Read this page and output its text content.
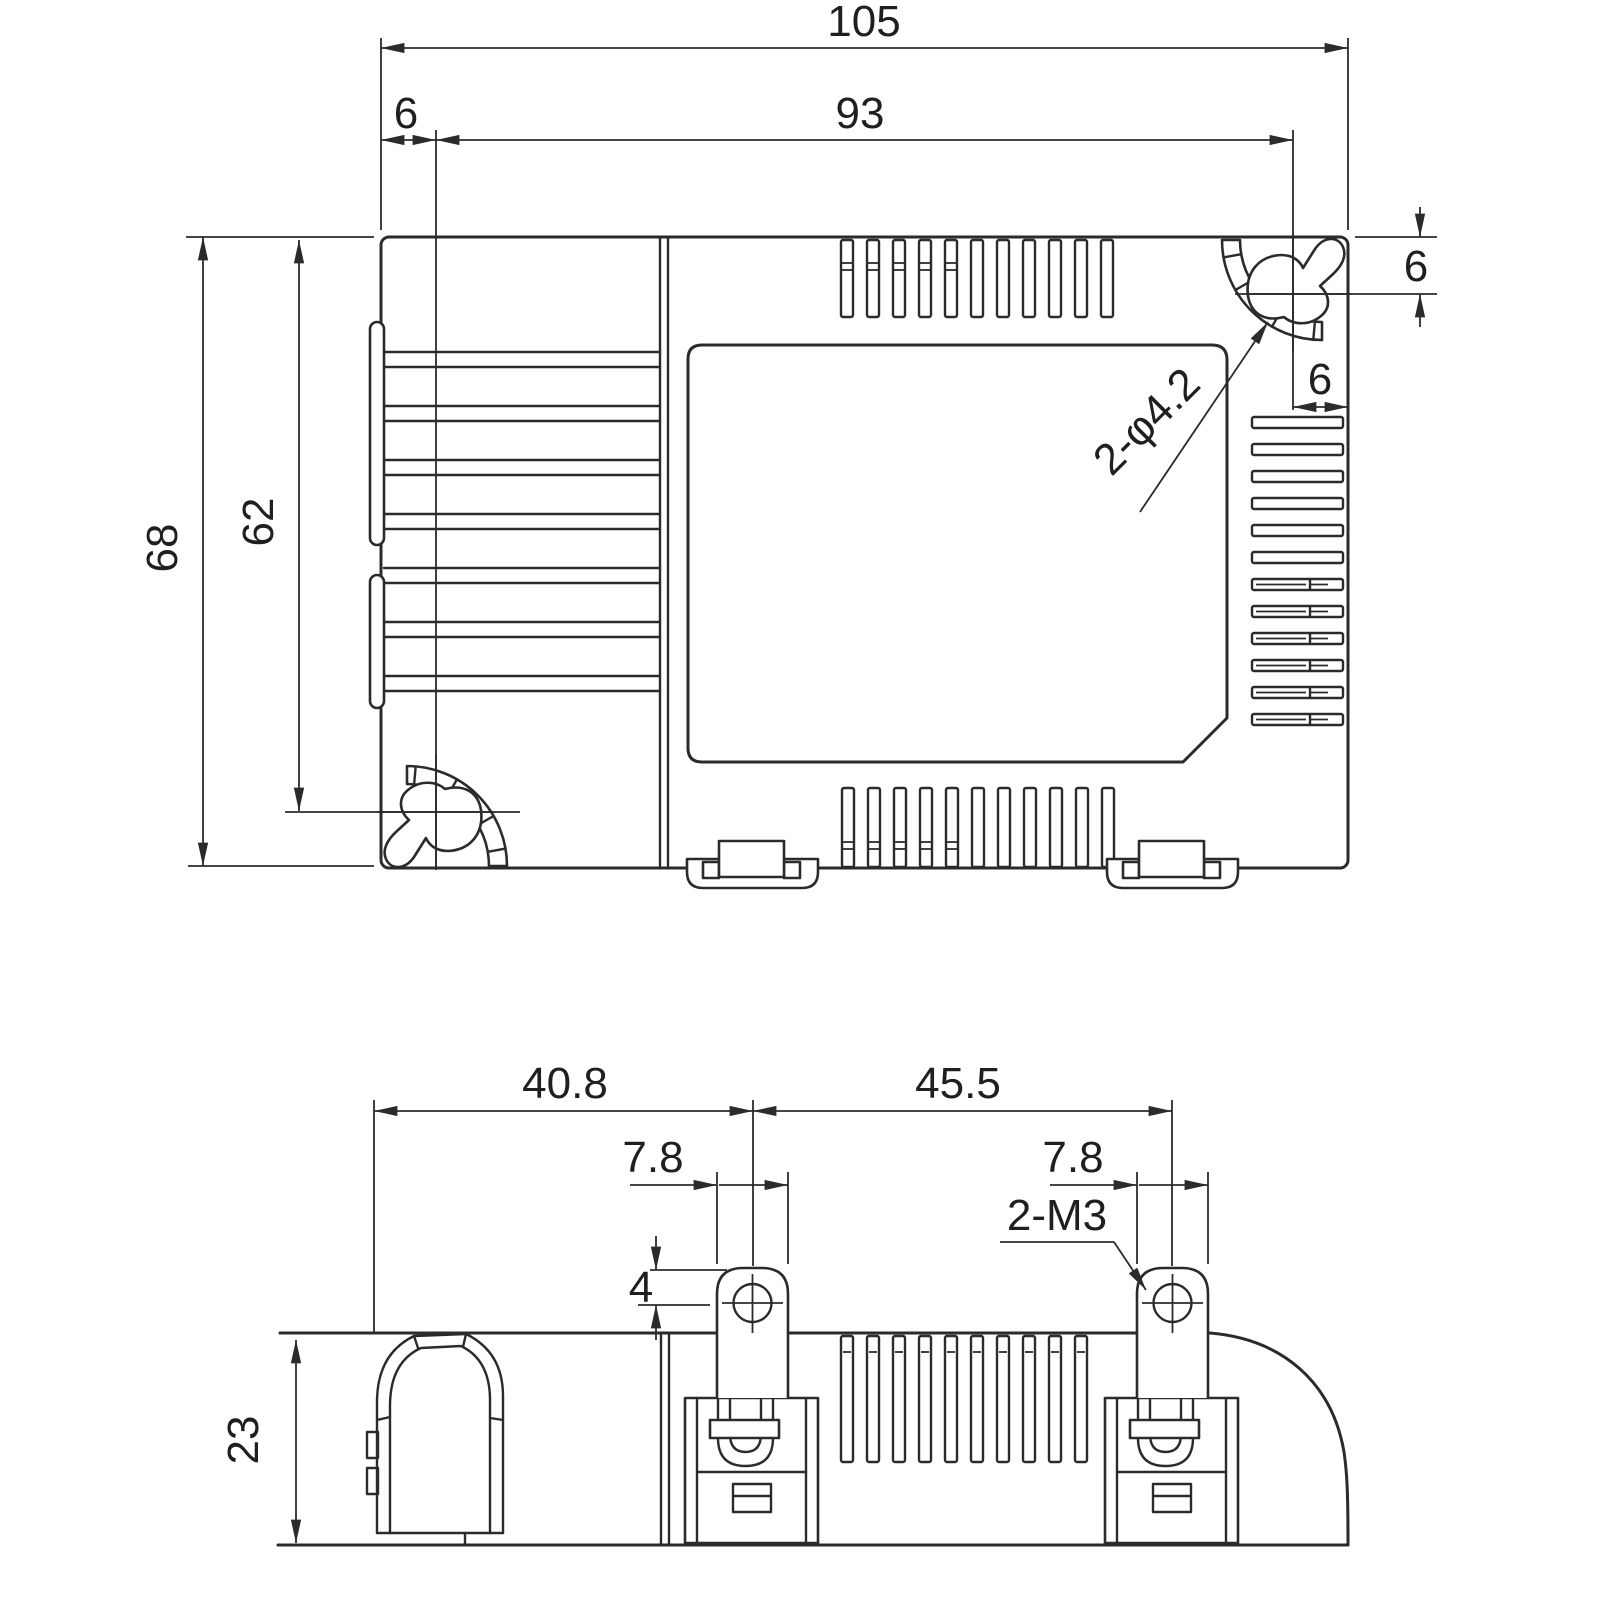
105
93
6
68
62
6
6
2-φ4.2
40.8	45.5
7.8	7.8
4
2-M3
23
